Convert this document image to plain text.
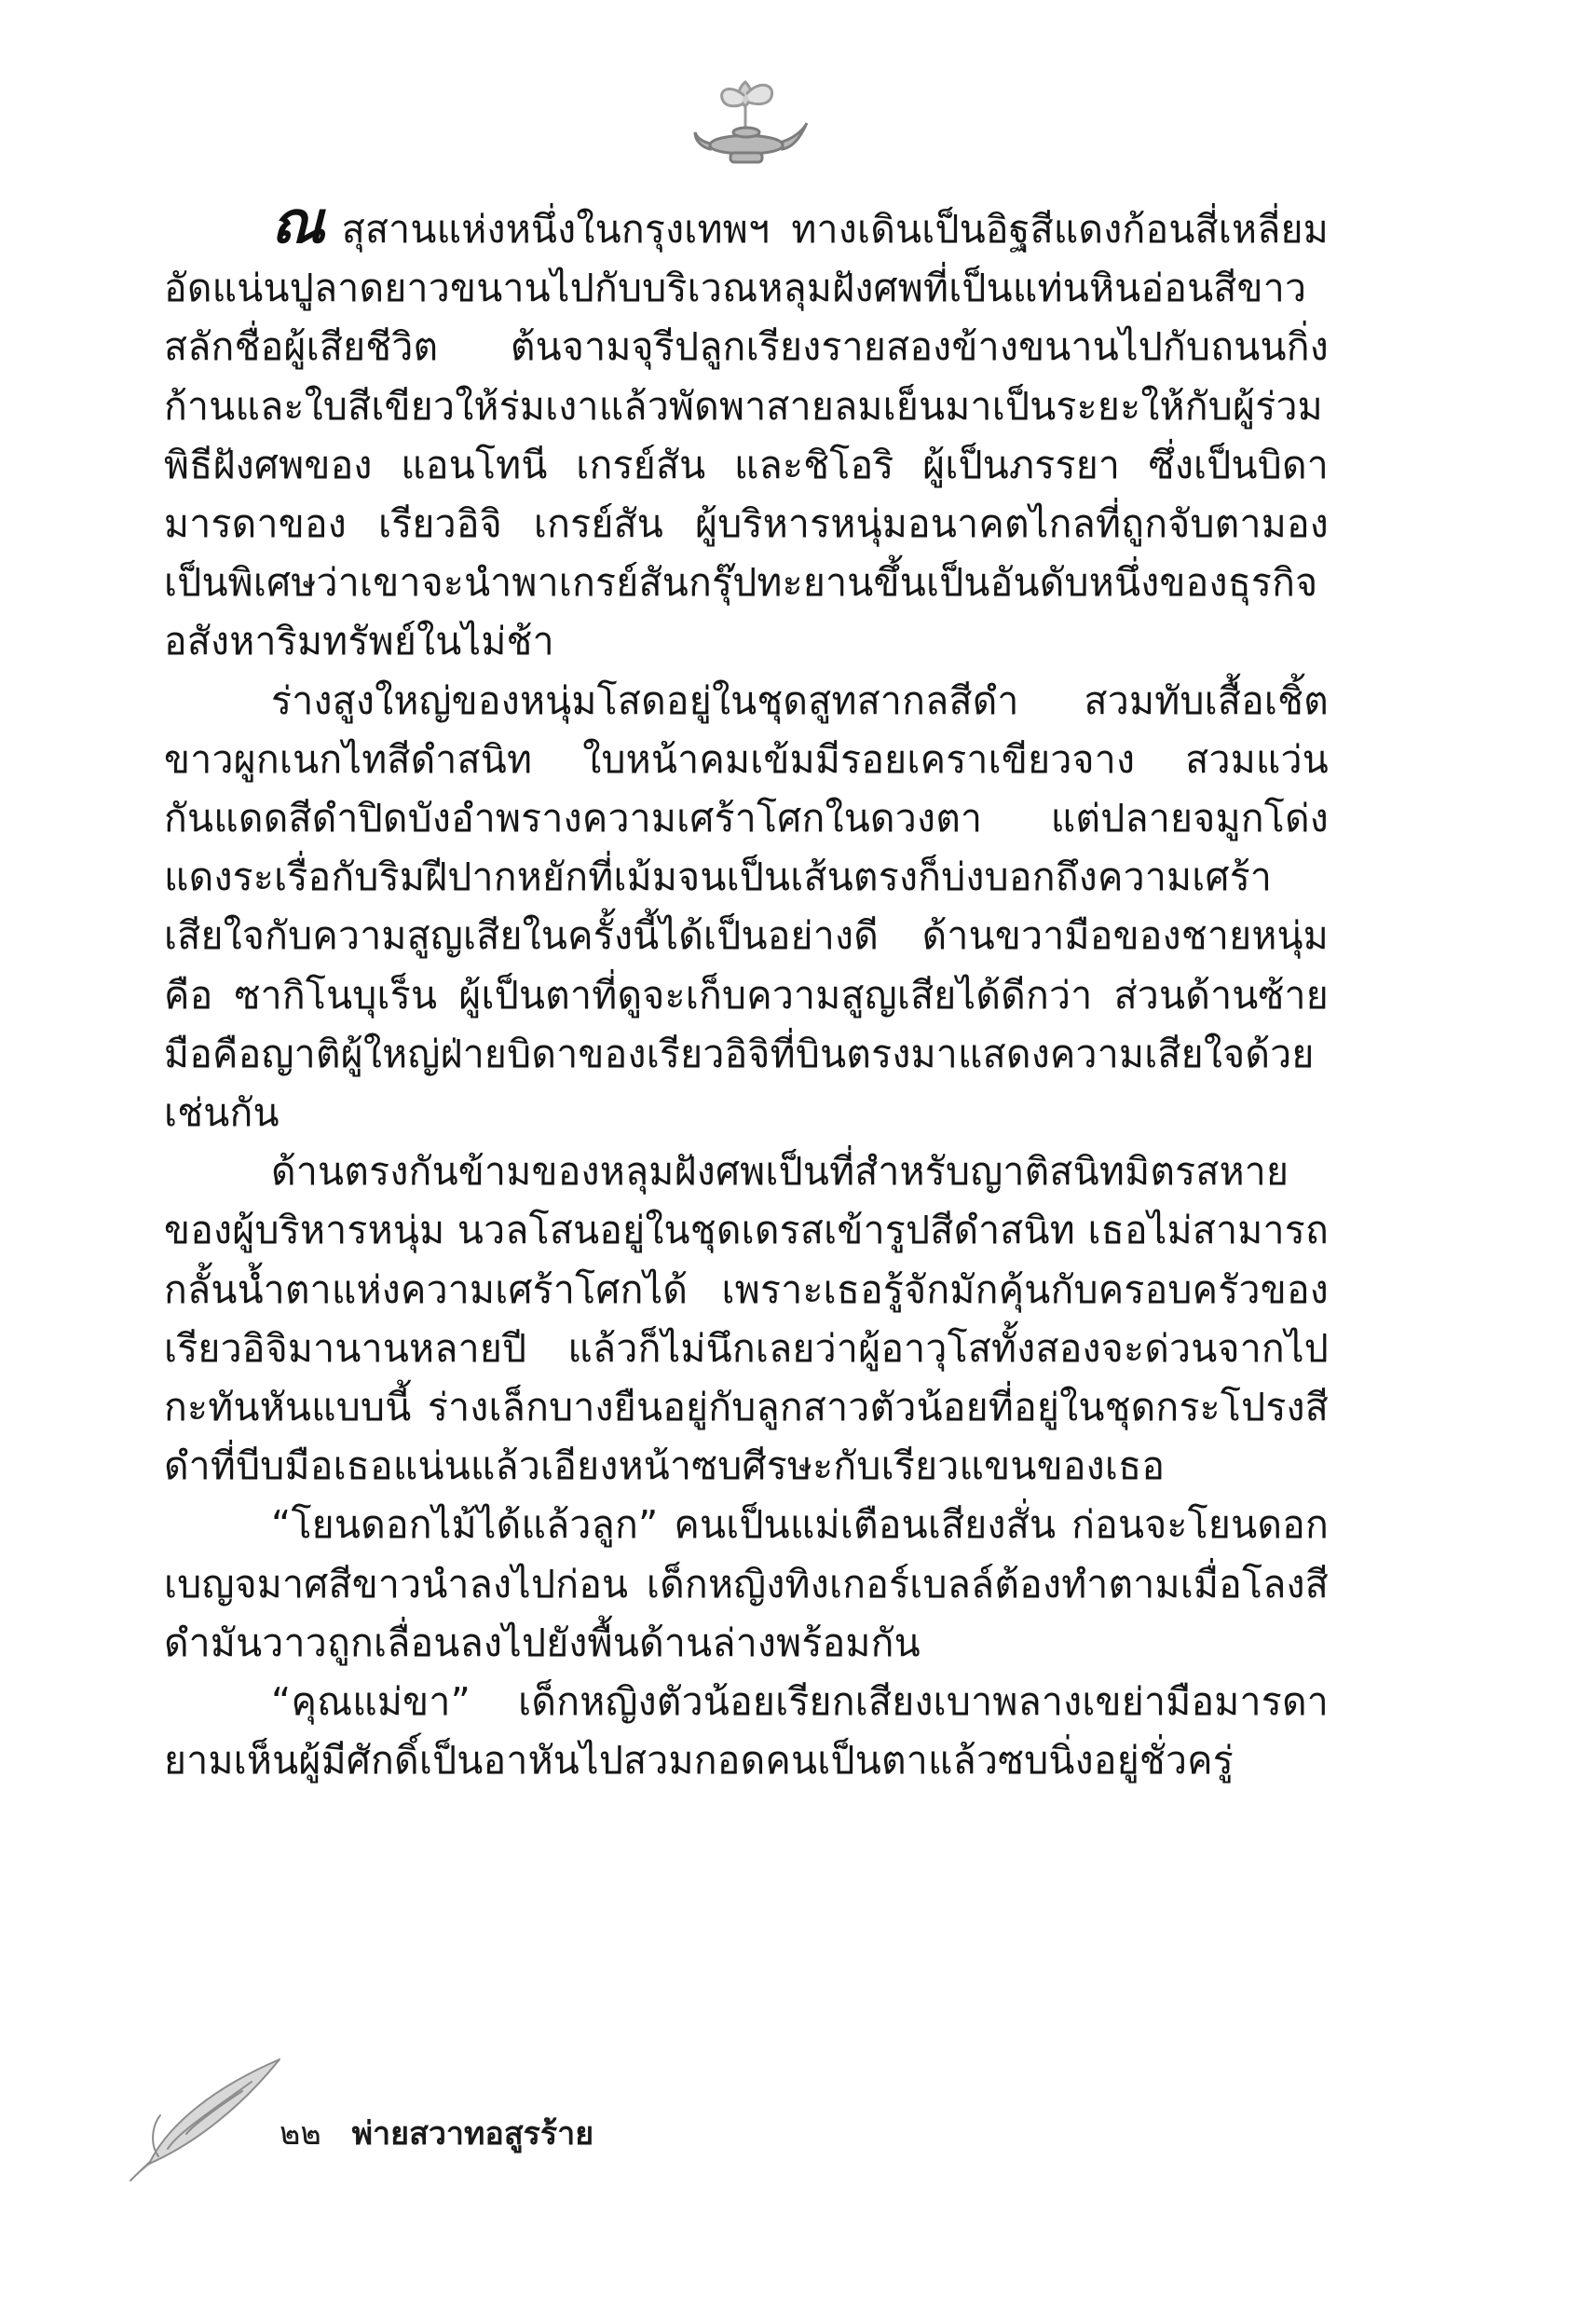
ณสุสานแห่งหนึ่งในกรุงเทพฯ ทางเดินเป็นอิฐสีแดงก้อนสี่เหลี่ยมอัดแน่นปูลาดยาวขนานไปกับบริเวณหลุมฝังศพที่เป็นแท่นหินอ่อนสีขาวสลักชื่อผู้เสียชีวิต ต้นจามจุรีปลูกเรียงรายสองข้างขนานไปกับถนนกิ่งก้านและใบสีเขียวให้ร่มเงาแล้วพัดพาสายลมเย็นมาเป็นระยะให้กับผู้ร่วมพิธีฝังศพของ แอนโทนี เกรย์สัน และชิโอริ ผู้เป็นภรรยา ซึ่งเป็นบิดามารดาของ เรียวอิจิ เกรย์สัน ผู้บริหารหนุ่มอนาคตไกลที่ถูกจับตามองเป็นพิเศษว่าเขาจะนำพาเกรย์สันกรุ๊ปทะยานขึ้นเป็นอันดับหนึ่งของธุรกิจอสังหาริมทรัพย์ในไม่ช้า

ร่างสูงใหญ่ของหนุ่มโสดอยู่ในชุดสูทสากลสีดำ สวมทับเสื้อเชิ้ตขาวผูกเนกไทสีดำสนิท ใบหน้าคมเข้มมีรอยเคราเขียวจาง สวมแว่นกันแดดสีดำปิดบังอำพรางความเศร้าโศกในดวงตา แต่ปลายจมูกโด่งแดงระเรื่อกับริมฝีปากหยักที่เม้มจนเป็นเส้นตรงก็บ่งบอกถึงความเศร้าเสียใจกับความสูญเสียในครั้งนี้ได้เป็นอย่างดี ด้านขวามือของชายหนุ่มคือ ซากิโนบุเร็น ผู้เป็นตาที่ดูจะเก็บความสูญเสียได้ดีกว่า ส่วนด้านซ้ายมือคือญาติผู้ใหญ่ฝ่ายบิดาของเรียวอิจิที่บินตรงมาแสดงความเสียใจด้วยเช่นกัน

ด้านตรงกันข้ามของหลุมฝังศพเป็นที่สำหรับญาติสนิทมิตรสหายของผู้บริหารหนุ่ม นวลโสนอยู่ในชุดเดรสเข้ารูปสีดำสนิท เธอไม่สามารถกลั้นน้ำตาแห่งความเศร้าโศกได้ เพราะเธอรู้จักมักคุ้นกับครอบครัวของเรียวอิจิมานานหลายปี แล้วก็ไม่นึกเลยว่าผู้อาวุโสทั้งสองจะด่วนจากไปกะทันหันแบบนี้ ร่างเล็กบางยืนอยู่กับลูกสาวตัวน้อยที่อยู่ในชุดกระโปรงสีดำที่บีบมือเธอแน่นแล้วเอียงหน้าซบศีรษะกับเรียวแขนของเธอ

“โยนดอกไม้ได้แล้วลูก” คนเป็นแม่เตือนเสียงสั่น ก่อนจะโยนดอกเบญจมาศสีขาวนำลงไปก่อน เด็กหญิงทิงเกอร์เบลล์ต้องทำตามเมื่อโลงสีดำมันวาวถูกเลื่อนลงไปยังพื้นด้านล่างพร้อมกัน

“คุณแม่ขา” เด็กหญิงตัวน้อยเรียกเสียงเบาพลางเขย่ามือมารดายามเห็นผู้มีศักดิ์เป็นอาหันไปสวมกอดคนเป็นตาแล้วซบนิ่งอยู่ชั่วครู่

๒๒ พ่ายสวาทอสูรร้าย
